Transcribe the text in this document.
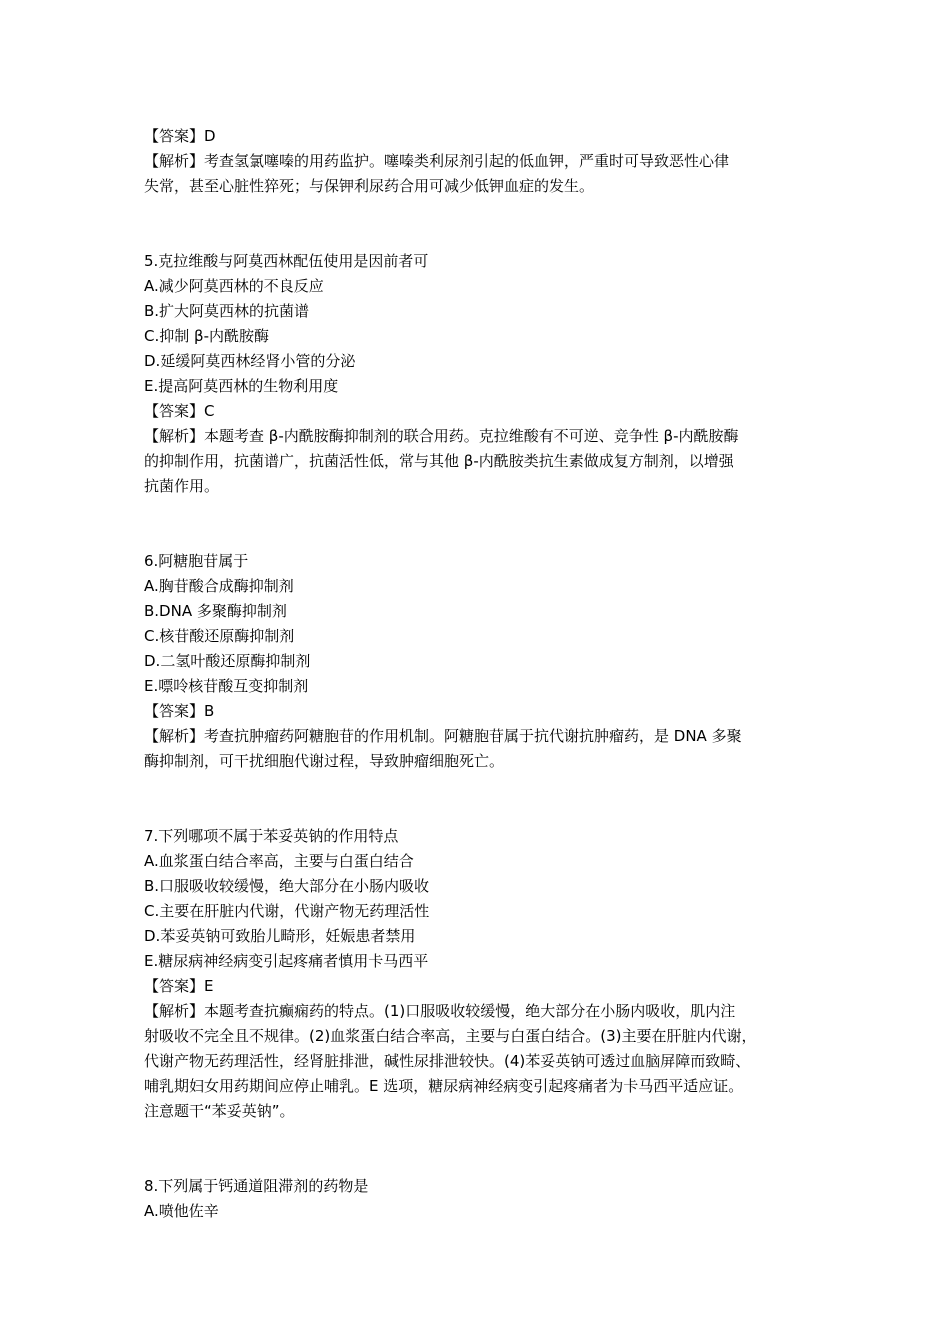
【答案】D
【解析】考查氢氯噻嗪的用药监护。噻嗪类利尿剂引起的低血钾，严重时可导致恶性心律
失常，甚至心脏性猝死；与保钾利尿药合用可减少低钾血症的发生。
5.克拉维酸与阿莫西林配伍使用是因前者可
A.减少阿莫西林的不良反应
B.扩大阿莫西林的抗菌谱
C.抑制 β-内酰胺酶
D.延缓阿莫西林经肾小管的分泌
E.提高阿莫西林的生物利用度
【答案】C
【解析】本题考查 β-内酰胺酶抑制剂的联合用药。克拉维酸有不可逆、竞争性 β-内酰胺酶
的抑制作用，抗菌谱广，抗菌活性低，常与其他 β-内酰胺类抗生素做成复方制剂，以增强
抗菌作用。
6.阿糖胞苷属于
A.胸苷酸合成酶抑制剂
B.DNA 多聚酶抑制剂
C.核苷酸还原酶抑制剂
D.二氢叶酸还原酶抑制剂
E.嘌呤核苷酸互变抑制剂
【答案】B
【解析】考查抗肿瘤药阿糖胞苷的作用机制。阿糖胞苷属于抗代谢抗肿瘤药，是 DNA 多聚
酶抑制剂，可干扰细胞代谢过程，导致肿瘤细胞死亡。
7.下列哪项不属于苯妥英钠的作用特点
A.血浆蛋白结合率高，主要与白蛋白结合
B.口服吸收较缓慢，绝大部分在小肠内吸收
C.主要在肝脏内代谢，代谢产物无药理活性
D.苯妥英钠可致胎儿畸形，妊娠患者禁用
E.糖尿病神经病变引起疼痛者慎用卡马西平
【答案】E
【解析】本题考查抗癫痫药的特点。(1)口服吸收较缓慢，绝大部分在小肠内吸收，肌内注
射吸收不完全且不规律。(2)血浆蛋白结合率高，主要与白蛋白结合。(3)主要在肝脏内代谢，
代谢产物无药理活性，经肾脏排泄，碱性尿排泄较快。(4)苯妥英钠可透过血脑屏障而致畸、
哺乳期妇女用药期间应停止哺乳。E 选项，糖尿病神经病变引起疼痛者为卡马西平适应证。
注意题干“苯妥英钠”。
8.下列属于钙通道阻滞剂的药物是
A.喷他佐辛
